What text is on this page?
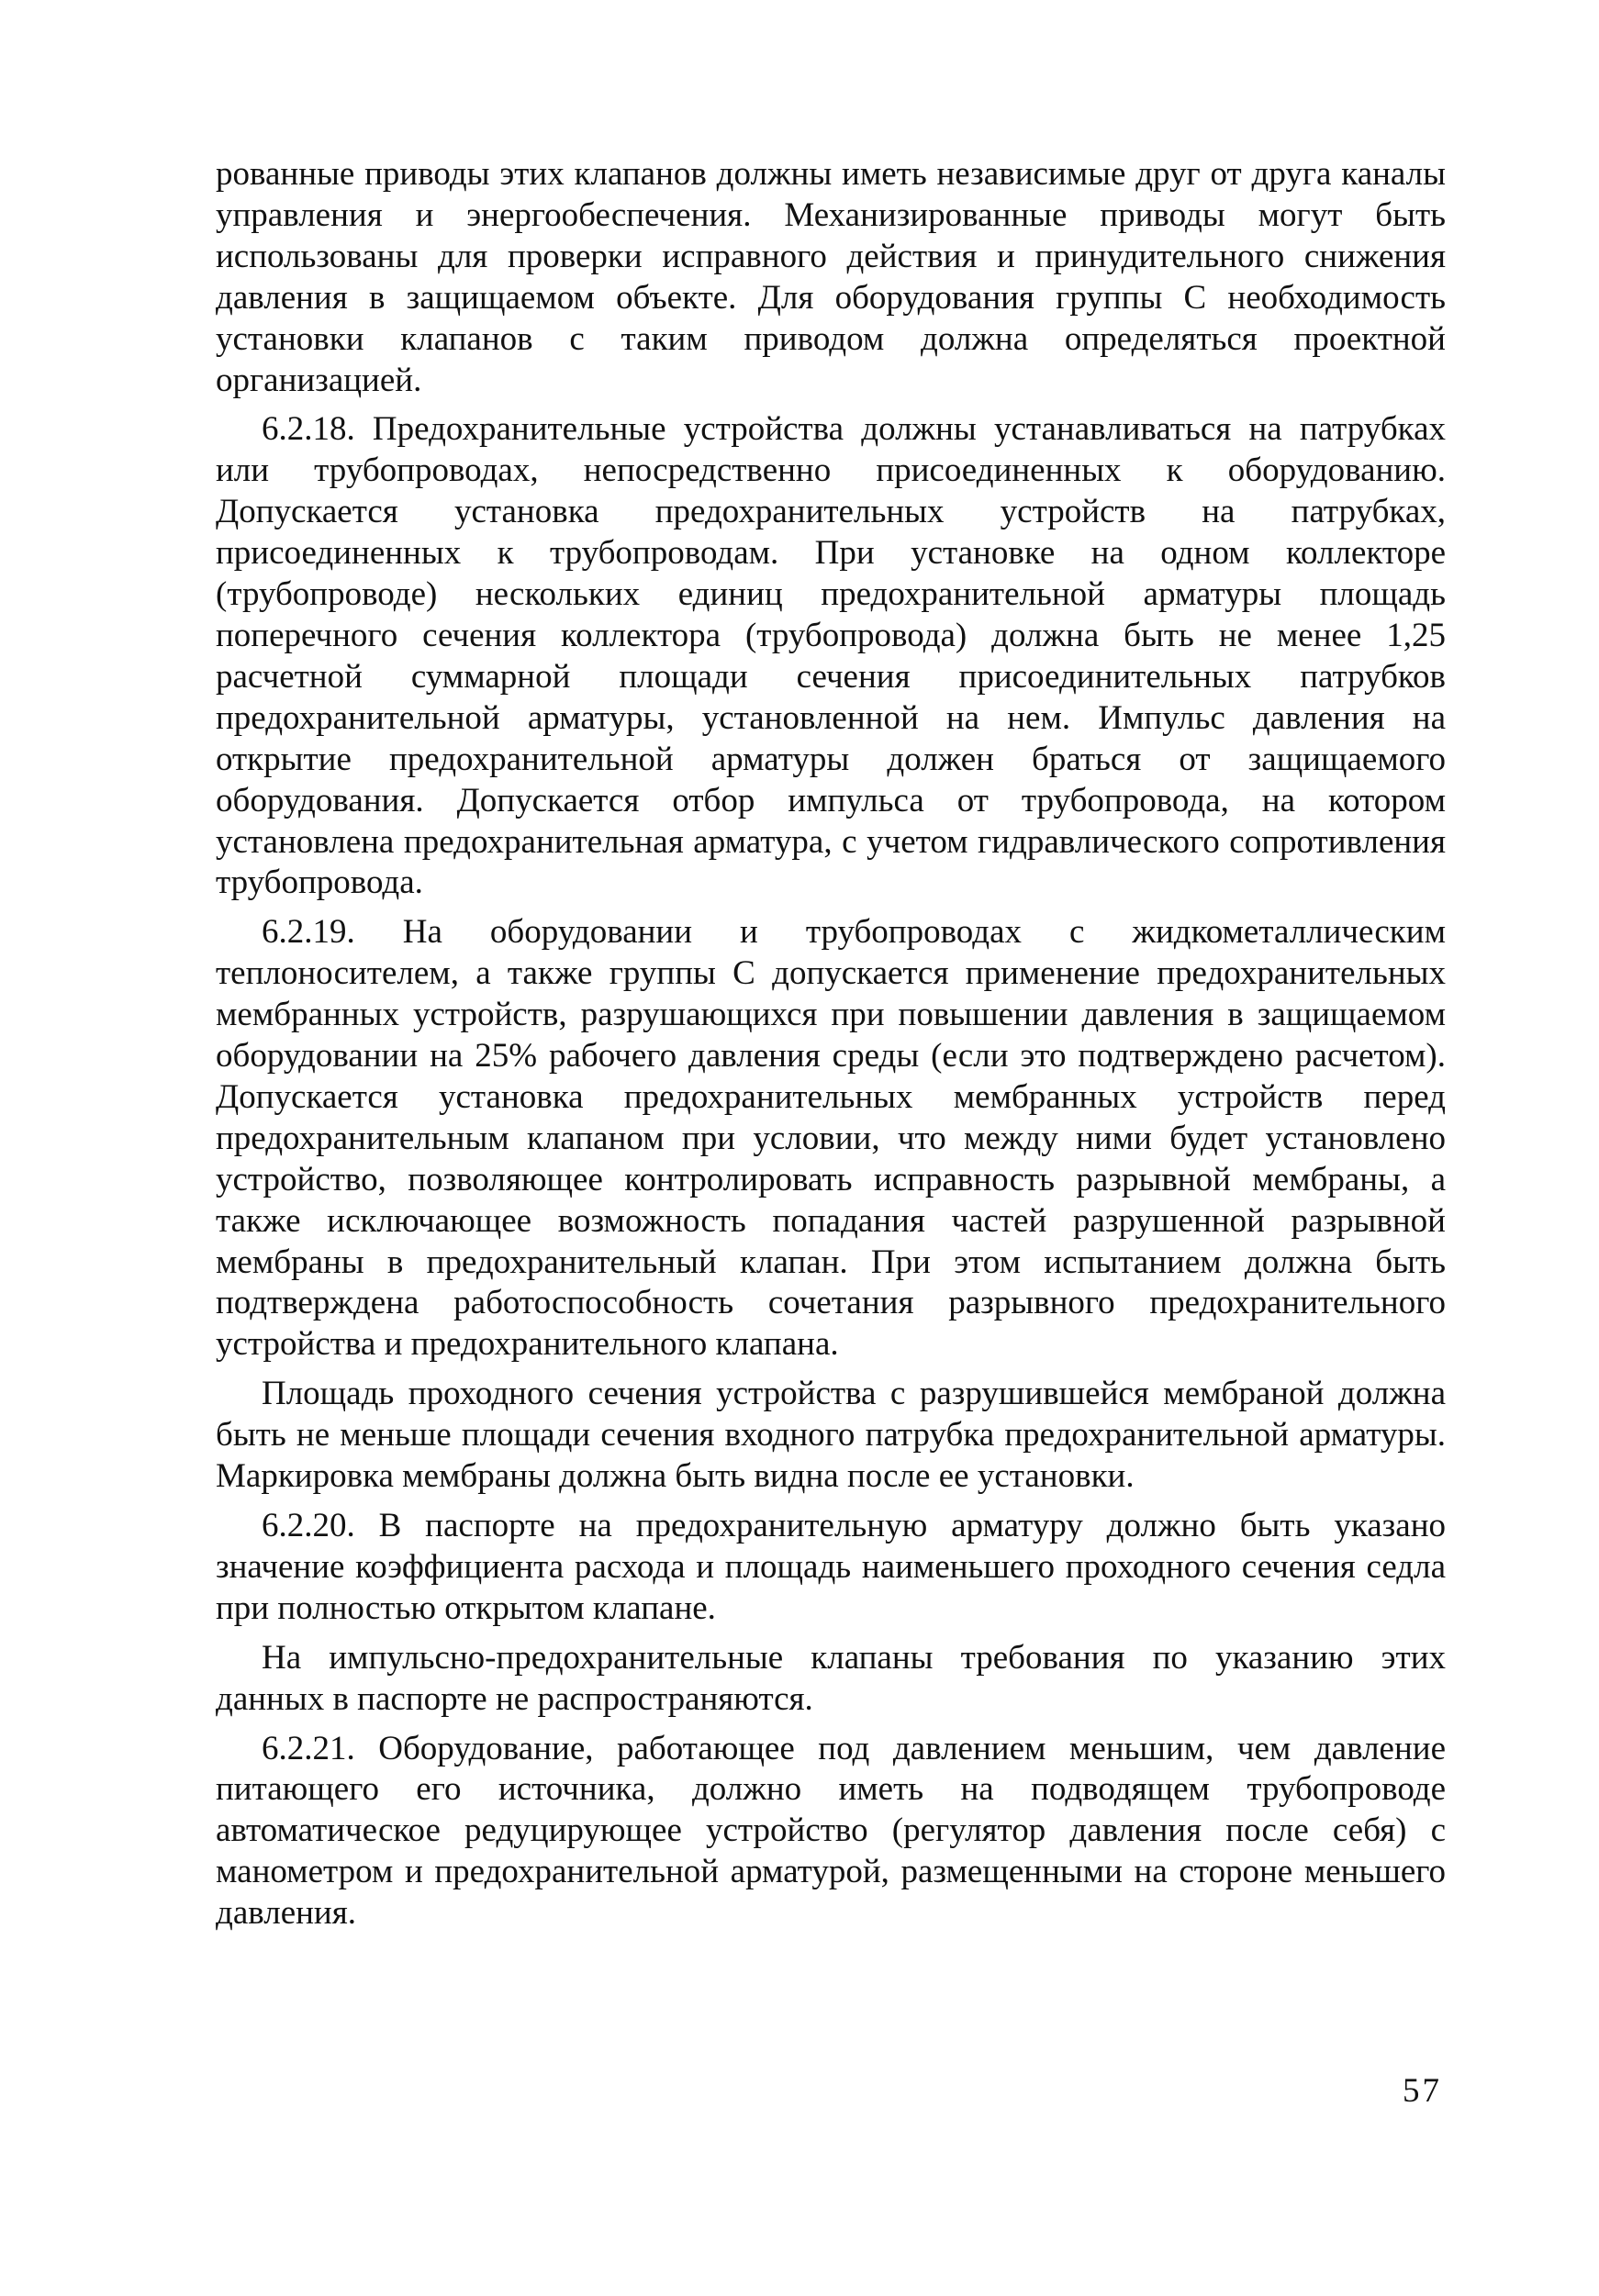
рованные приводы этих клапанов должны иметь независимые друг от друга каналы управления и энергообеспечения. Механизированные приводы могут быть использованы для проверки исправного действия и принудительного снижения давления в защищаемом объекте. Для оборудования группы С необходимость установки клапанов с таким приводом должна определяться проектной организацией.

6.2.18. Предохранительные устройства должны устанавливаться на патрубках или трубопроводах, непосредственно присоединенных к оборудованию. Допускается установка предохранительных устройств на патрубках, присоединенных к трубопроводам. При установке на одном коллекторе (трубопроводе) нескольких единиц предохранительной арматуры площадь поперечного сечения коллектора (трубопровода) должна быть не менее 1,25 расчетной суммарной площади сечения присоединительных патрубков предохранительной арматуры, установленной на нем. Импульс давления на открытие предохранительной арматуры должен браться от защищаемого оборудования. Допускается отбор импульса от трубопровода, на котором установлена предохранительная арматура, с учетом гидравлического сопротивления трубопровода.

6.2.19. На оборудовании и трубопроводах с жидкометаллическим теплоносителем, а также группы С допускается применение предохранительных мембранных устройств, разрушающихся при повышении давления в защищаемом оборудовании на 25% рабочего давления среды (если это подтверждено расчетом). Допускается установка предохранительных мембранных устройств перед предохранительным клапаном при условии, что между ними будет установлено устройство, позволяющее контролировать исправность разрывной мембраны, а также исключающее возможность попадания частей разрушенной разрывной мембраны в предохранительный клапан. При этом испытанием должна быть подтверждена работоспособность сочетания разрывного предохранительного устройства и предохранительного клапана.

Площадь проходного сечения устройства с разрушившейся мембраной должна быть не меньше площади сечения входного патрубка предохранительной арматуры. Маркировка мембраны должна быть видна после ее установки.

6.2.20. В паспорте на предохранительную арматуру должно быть указано значение коэффициента расхода и площадь наименьшего проходного сечения седла при полностью открытом клапане.

На импульсно-предохранительные клапаны требования по указанию этих данных в паспорте не распространяются.

6.2.21. Оборудование, работающее под давлением меньшим, чем давление питающего его источника, должно иметь на подводящем трубопроводе автоматическое редуцирующее устройство (регулятор давления после себя) с манометром и предохранительной арматурой, размещенными на стороне меньшего давления.

57
